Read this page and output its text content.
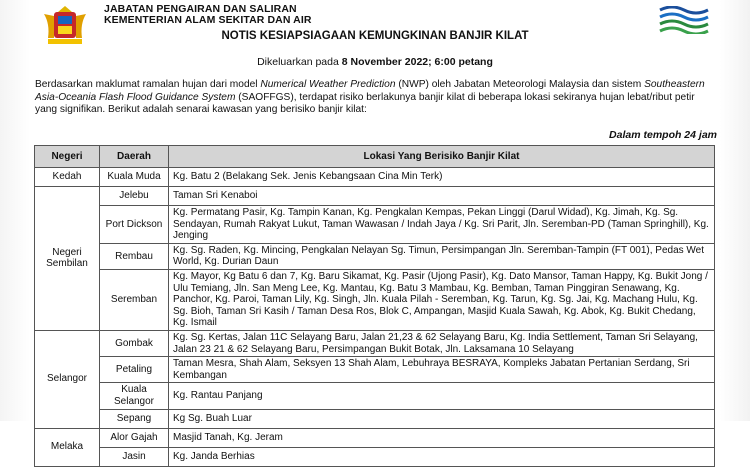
JABATAN PENGAIRAN DAN SALIRAN
KEMENTERIAN ALAM SEKITAR DAN AIR
NOTIS KESIAPSIAGAAN KEMUNGKINAN BANJIR KILAT
Dikeluarkan pada 8 November 2022; 6:00 petang
Berdasarkan maklumat ramalan hujan dari model Numerical Weather Prediction (NWP) oleh Jabatan Meteorologi Malaysia dan sistem Southeastern Asia-Oceania Flash Flood Guidance System (SAOFFGS), terdapat risiko berlakunya banjir kilat di beberapa lokasi sekiranya hujan lebat/ribut petir yang signifikan. Berikut adalah senarai kawasan yang berisiko banjir kilat:
Dalam tempoh 24 jam
Negeri	Daerah	Lokasi Yang Berisiko Banjir Kilat
Kedah	Kuala Muda	Kg. Batu 2 (Belakang Sek. Jenis Kebangsaan Cina Min Terk)
Negeri Sembilan	Jelebu	Taman Sri Kenaboi
	Port Dickson	Kg. Permatang Pasir, Kg. Tampin Kanan, Kg. Pengkalan Kempas, Pekan Linggi (Darul Widad), Kg. Jimah, Kg. Sg. Sendayan, Rumah Rakyat Lukut, Taman Wawasan / Indah Jaya / Kg. Sri Parit, Jln. Seremban-PD (Taman Springhill), Kg. Jenging
	Rembau	Kg. Sg. Raden, Kg. Mincing, Pengkalan Nelayan Sg. Timun, Persimpangan Jln. Seremban-Tampin (FT 001), Pedas Wet World, Kg. Durian Daun
	Seremban	Kg. Mayor, Kg Batu 6 dan 7, Kg. Baru Sikamat, Kg. Pasir (Ujong Pasir), Kg. Dato Mansor, Taman Happy, Kg. Bukit Jong / Ulu Temiang, Jln. San Meng Lee, Kg. Mantau, Kg. Batu 3 Mambau, Kg. Bemban, Taman Pinggiran Senawang, Kg. Panchor, Kg. Paroi, Taman Lily, Kg. Singh, Jln. Kuala Pilah - Seremban, Kg. Tarun, Kg. Sg. Jai, Kg. Machang Hulu, Kg. Sg. Bioh, Taman Sri Kasih / Taman Desa Ros, Blok C, Ampangan, Masjid Kuala Sawah, Kg. Abok, Kg. Bukit Chedang, Kg. Ismail
Selangor	Gombak	Kg. Sg. Kertas, Jalan 11C Selayang Baru, Jalan 21,23 & 62 Selayang Baru, Kg. India Settlement, Taman Sri Selayang, Jalan 23 21 & 62 Selayang Baru, Persimpangan Bukit Botak, Jln. Laksamana 10 Selayang
	Petaling	Taman Mesra, Shah Alam, Seksyen 13 Shah Alam, Lebuhraya BESRAYA, Kompleks Jabatan Pertanian Serdang, Sri Kembangan
	Kuala Selangor	Kg. Rantau Panjang
	Sepang	Kg Sg. Buah Luar
Melaka	Alor Gajah	Masjid Tanah, Kg. Jeram
	Jasin	Kg. Janda Berhias
